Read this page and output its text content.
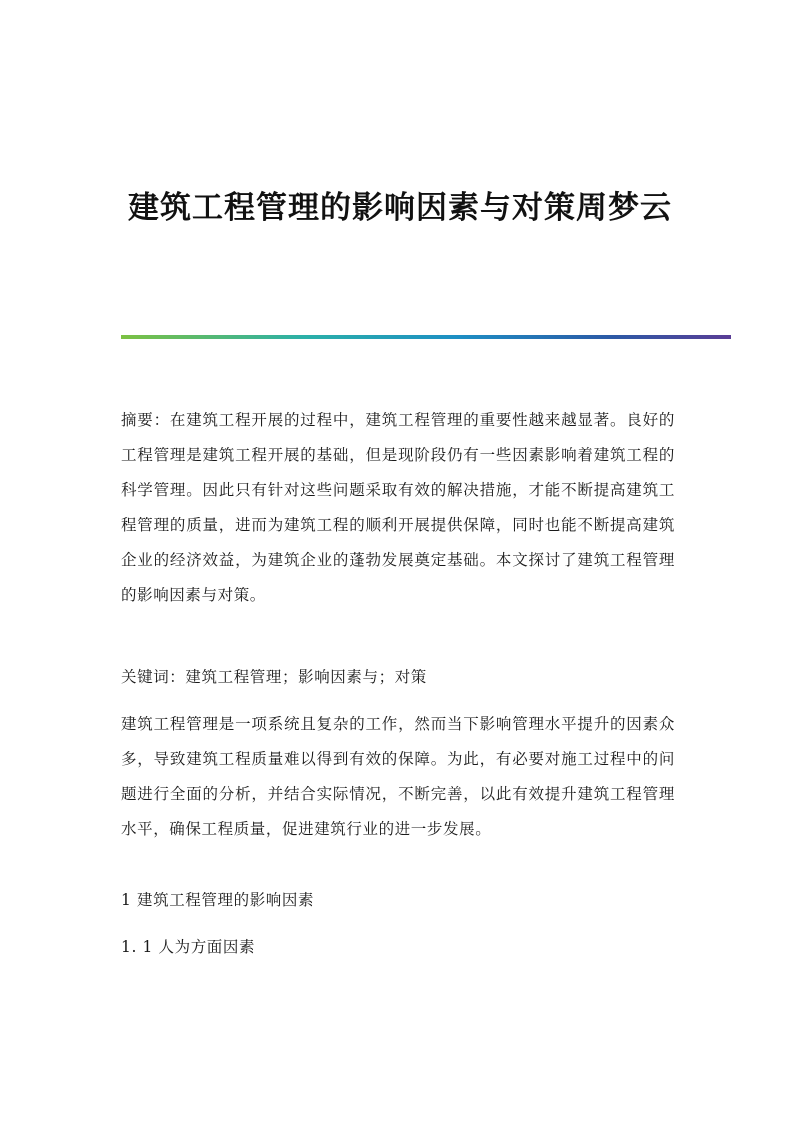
建筑工程管理的影响因素与对策周梦云
摘要：在建筑工程开展的过程中，建筑工程管理的重要性越来越显著。良好的工程管理是建筑工程开展的基础，但是现阶段仍有一些因素影响着建筑工程的科学管理。因此只有针对这些问题采取有效的解决措施，才能不断提高建筑工程管理的质量，进而为建筑工程的顺利开展提供保障，同时也能不断提高建筑企业的经济效益，为建筑企业的蓬勃发展奠定基础。本文探讨了建筑工程管理的影响因素与对策。
关键词：建筑工程管理；影响因素与；对策
建筑工程管理是一项系统且复杂的工作，然而当下影响管理水平提升的因素众多，导致建筑工程质量难以得到有效的保障。为此，有必要对施工过程中的问题进行全面的分析，并结合实际情况，不断完善，以此有效提升建筑工程管理水平，确保工程质量，促进建筑行业的进一步发展。
1 建筑工程管理的影响因素
1. 1 人为方面因素
